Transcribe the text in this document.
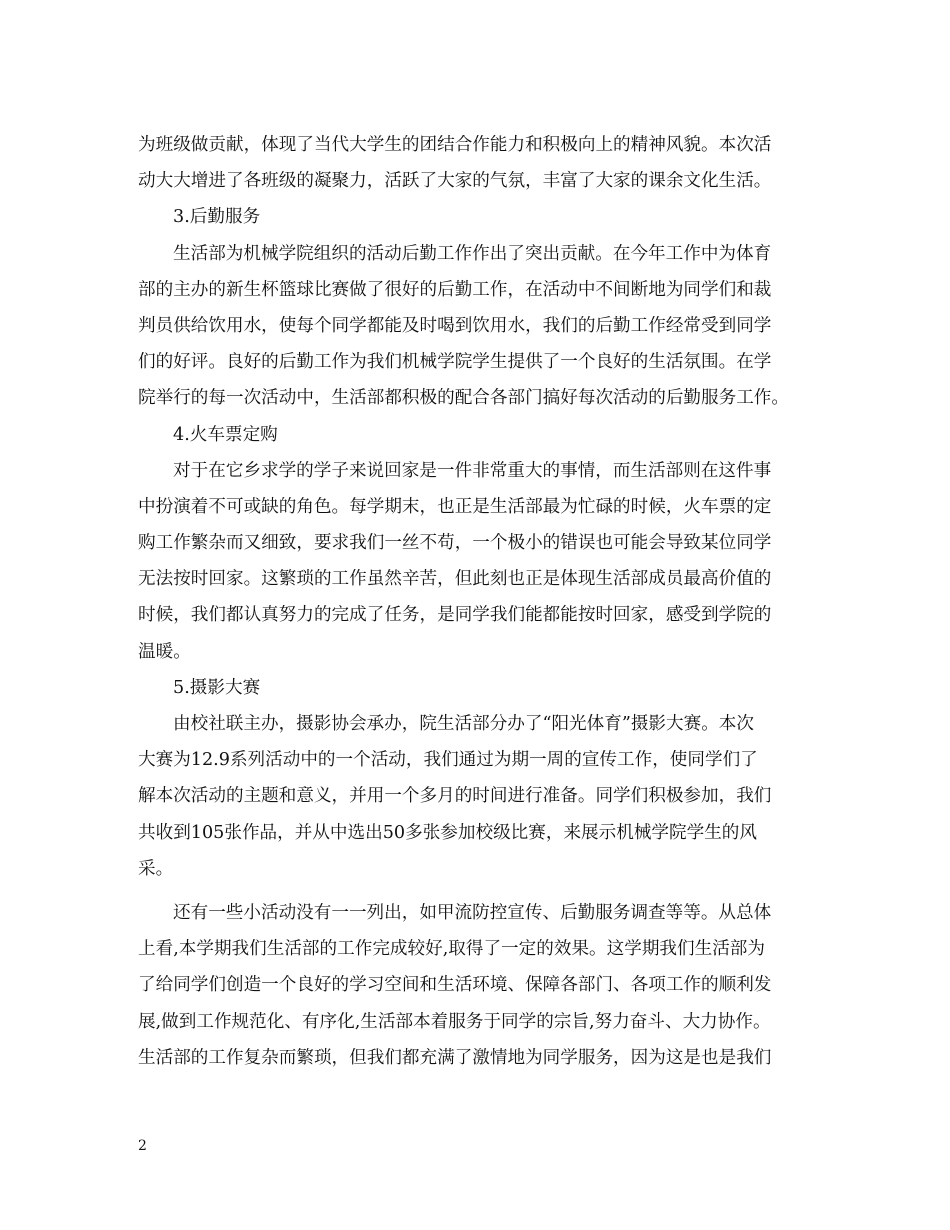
为班级做贡献，体现了当代大学生的团结合作能力和积极向上的精神风貌。本次活
动大大增进了各班级的凝聚力，活跃了大家的气氛，丰富了大家的课余文化生活。
3.后勤服务
生活部为机械学院组织的活动后勤工作作出了突出贡献。在今年工作中为体育
部的主办的新生杯篮球比赛做了很好的后勤工作，在活动中不间断地为同学们和裁
判员供给饮用水，使每个同学都能及时喝到饮用水，我们的后勤工作经常受到同学
们的好评。良好的后勤工作为我们机械学院学生提供了一个良好的生活氛围。在学
院举行的每一次活动中，生活部都积极的配合各部门搞好每次活动的后勤服务工作。
4.火车票定购
对于在它乡求学的学子来说回家是一件非常重大的事情，而生活部则在这件事
中扮演着不可或缺的角色。每学期末，也正是生活部最为忙碌的时候，火车票的定
购工作繁杂而又细致，要求我们一丝不苟，一个极小的错误也可能会导致某位同学
无法按时回家。这繁琐的工作虽然辛苦，但此刻也正是体现生活部成员最高价值的
时候，我们都认真努力的完成了任务，是同学我们能都能按时回家，感受到学院的
温暖。
5.摄影大赛
由校社联主办，摄影协会承办，院生活部分办了“阳光体育”摄影大赛。本次
大赛为12.9系列活动中的一个活动，我们通过为期一周的宣传工作，使同学们了
解本次活动的主题和意义，并用一个多月的时间进行准备。同学们积极参加，我们
共收到105张作品，并从中选出50多张参加校级比赛，来展示机械学院学生的风
采。
还有一些小活动没有一一列出，如甲流防控宣传、后勤服务调查等等。从总体
上看,本学期我们生活部的工作完成较好,取得了一定的效果。这学期我们生活部为
了给同学们创造一个良好的学习空间和生活环境、保障各部门、各项工作的顺利发
展,做到工作规范化、有序化,生活部本着服务于同学的宗旨,努力奋斗、大力协作。
生活部的工作复杂而繁琐，但我们都充满了激情地为同学服务，因为这是也是我们
2
